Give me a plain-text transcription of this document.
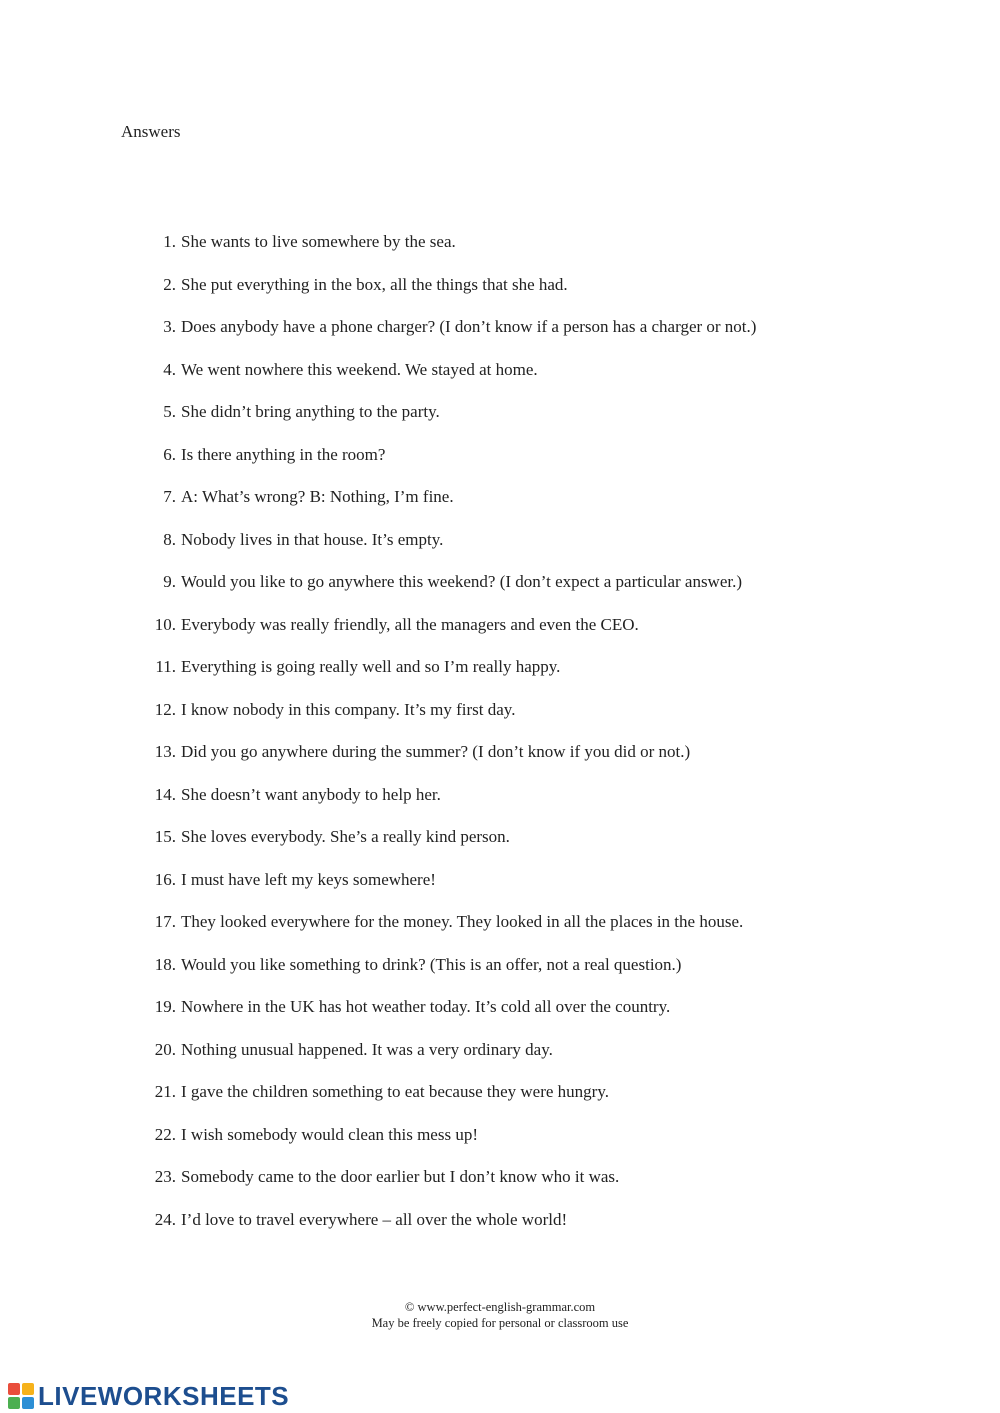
Answers
1. She wants to live somewhere by the sea.
2. She put everything in the box, all the things that she had.
3. Does anybody have a phone charger? (I don’t know if a person has a charger or not.)
4. We went nowhere this weekend. We stayed at home.
5. She didn’t bring anything to the party.
6. Is there anything in the room?
7. A: What’s wrong? B: Nothing, I’m fine.
8. Nobody lives in that house. It’s empty.
9. Would you like to go anywhere this weekend? (I don’t expect a particular answer.)
10. Everybody was really friendly, all the managers and even the CEO.
11. Everything is going really well and so I’m really happy.
12. I know nobody in this company. It’s my first day.
13. Did you go anywhere during the summer? (I don’t know if you did or not.)
14. She doesn’t want anybody to help her.
15. She loves everybody. She’s a really kind person.
16. I must have left my keys somewhere!
17. They looked everywhere for the money. They looked in all the places in the house.
18. Would you like something to drink? (This is an offer, not a real question.)
19. Nowhere in the UK has hot weather today. It’s cold all over the country.
20. Nothing unusual happened. It was a very ordinary day.
21. I gave the children something to eat because they were hungry.
22. I wish somebody would clean this mess up!
23. Somebody came to the door earlier but I don’t know who it was.
24. I’d love to travel everywhere – all over the whole world!
© www.perfect-english-grammar.com
May be freely copied for personal or classroom use
LIVEWORKSHEETS
